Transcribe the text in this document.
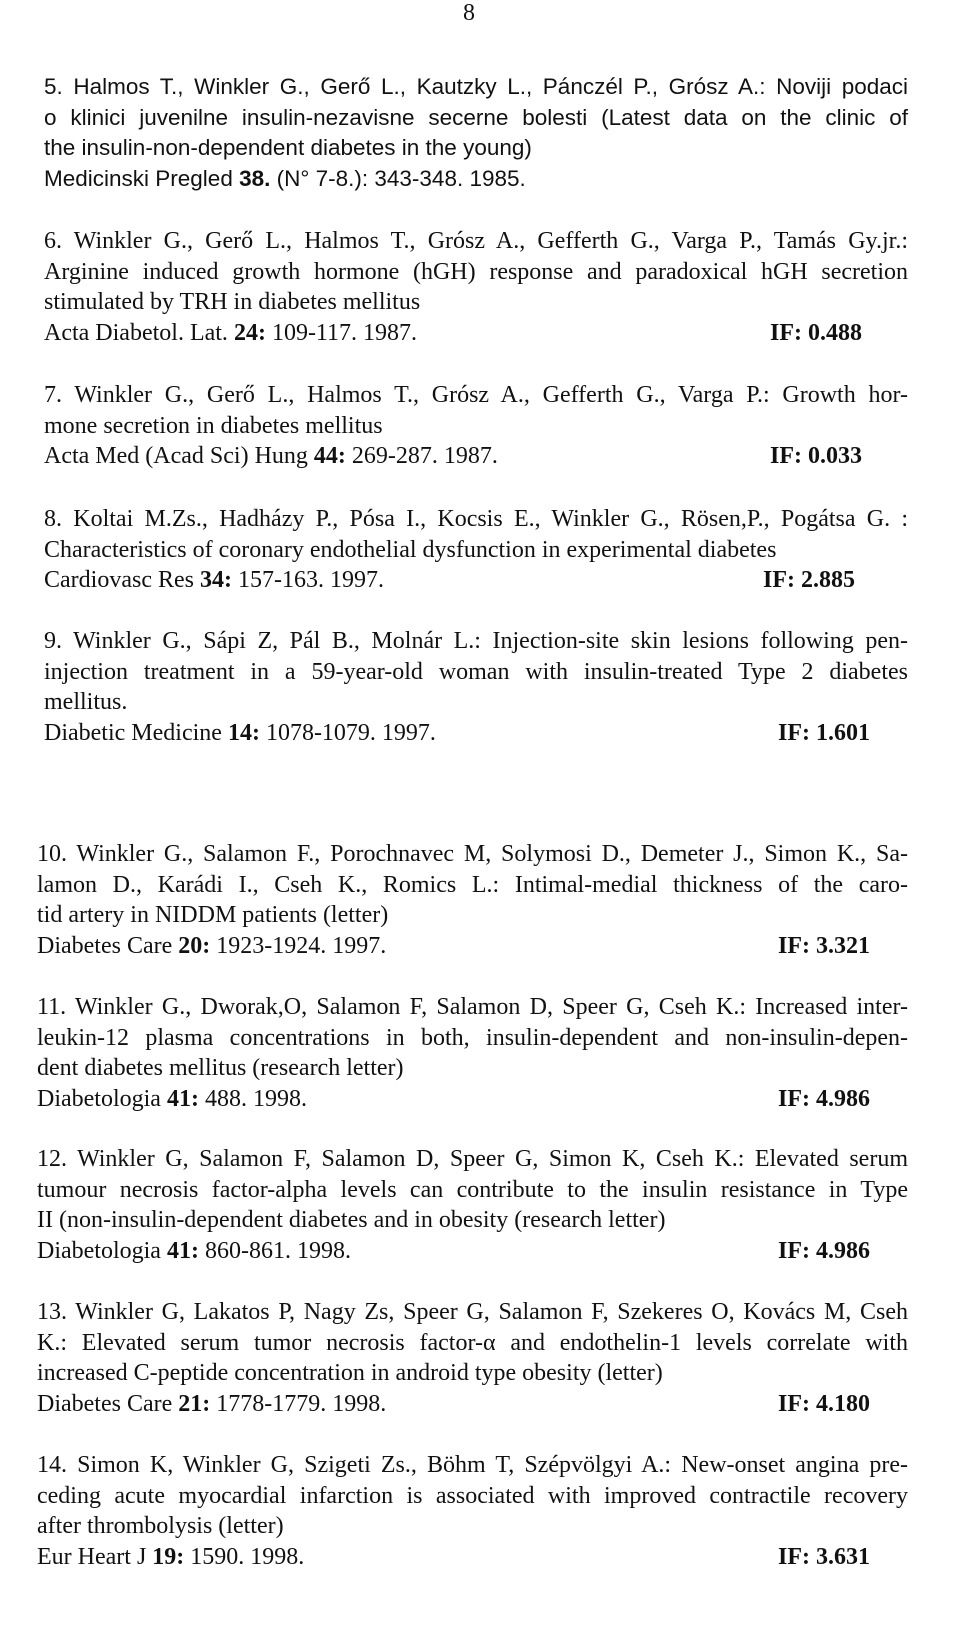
8
5. Halmos T., Winkler G., Gerő L., Kautzky L., Pánczél P., Grósz A.: Noviji podaci
o klinici juvenilne insulin-nezavisne secerne bolesti (Latest data on the clinic of
the insulin-non-dependent diabetes in the young)
Medicinski Pregled 38. (N° 7-8.): 343-348. 1985.
6. Winkler G., Gerő L., Halmos T., Grósz A., Gefferth G., Varga P., Tamás Gy.jr.:
Arginine induced growth hormone (hGH) response and paradoxical hGH secretion
stimulated by TRH in diabetes mellitus
Acta Diabetol. Lat. 24: 109-117. 1987.	IF: 0.488
7. Winkler G., Gerő L., Halmos T., Grósz A., Gefferth G., Varga P.: Growth hor-
mone secretion in diabetes mellitus
Acta Med (Acad Sci) Hung 44: 269-287. 1987.	IF: 0.033
8. Koltai M.Zs., Hadházy P., Pósa I., Kocsis E., Winkler G., Rösen,P., Pogátsa G. :
Characteristics of coronary endothelial dysfunction in experimental diabetes
Cardiovasc Res 34: 157-163. 1997.	IF: 2.885
9. Winkler G., Sápi Z, Pál B., Molnár L.: Injection-site skin lesions following pen-
injection treatment in a 59-year-old woman with insulin-treated Type 2 diabetes
mellitus.
Diabetic Medicine 14: 1078-1079. 1997.	IF: 1.601
10. Winkler G., Salamon F., Porochnavec M, Solymosi D., Demeter J., Simon K., Sa-
lamon D., Karádi I., Cseh K., Romics L.: Intimal-medial thickness of the caro-
tid artery in NIDDM patients (letter)
Diabetes Care 20: 1923-1924. 1997.	IF: 3.321
11. Winkler G., Dworak,O, Salamon F, Salamon D, Speer G, Cseh K.: Increased inter-
leukin-12 plasma concentrations in both, insulin-dependent and non-insulin-depen-
dent diabetes mellitus (research letter)
Diabetologia 41: 488. 1998.	IF: 4.986
12. Winkler G, Salamon F, Salamon D, Speer G, Simon K, Cseh K.: Elevated serum
tumour necrosis factor-alpha levels can contribute to the insulin resistance in Type
II (non-insulin-dependent diabetes and in obesity (research letter)
Diabetologia 41: 860-861. 1998.	IF: 4.986
13. Winkler G, Lakatos P, Nagy Zs, Speer G, Salamon F, Szekeres O, Kovács M, Cseh
K.: Elevated serum tumor necrosis factor-α and endothelin-1 levels correlate with
increased C-peptide concentration in android type obesity (letter)
Diabetes Care 21: 1778-1779. 1998.	IF: 4.180
14. Simon K, Winkler G, Szigeti Zs., Böhm T, Szépvölgyi A.: New-onset angina pre-
ceding acute myocardial infarction is associated with improved contractile recovery
after thrombolysis (letter)
Eur Heart J 19: 1590. 1998.	IF: 3.631
